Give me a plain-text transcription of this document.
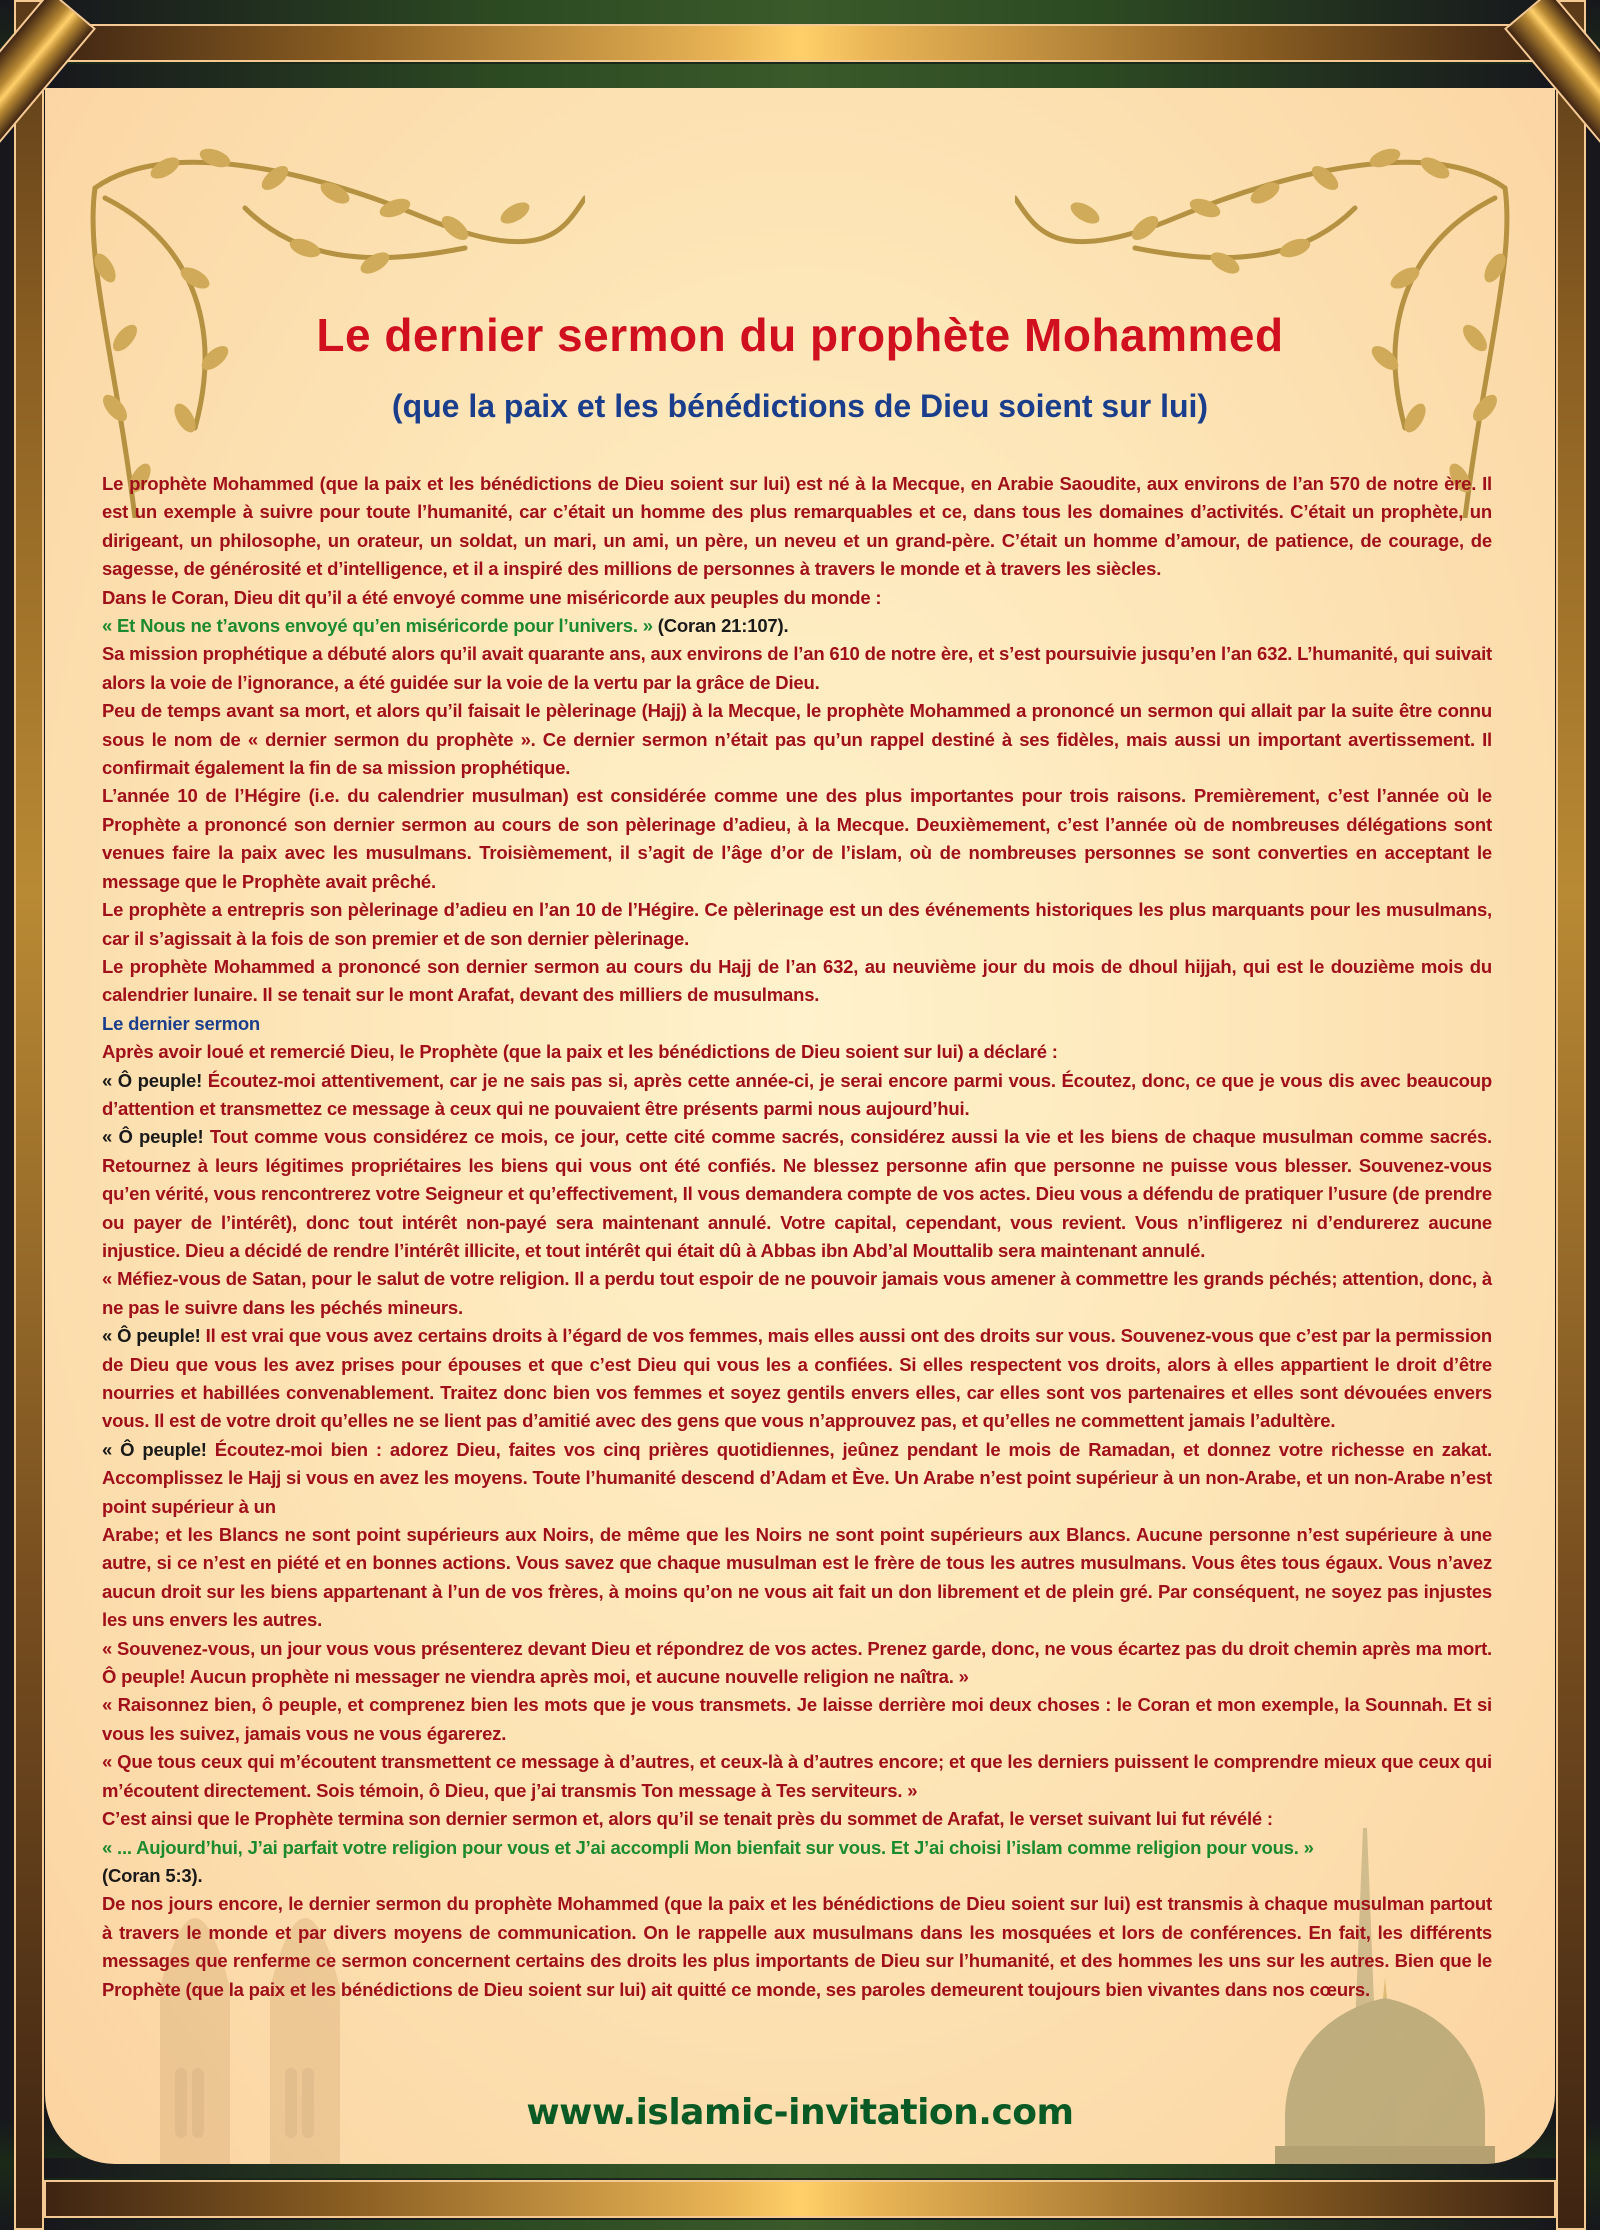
Le dernier sermon du prophète Mohammed
(que la paix et les bénédictions de Dieu soient sur lui)

Le prophète Mohammed (que la paix et les bénédictions de Dieu soient sur lui) est né à la Mecque, en Arabie Saoudite, aux environs de l’an 570 de notre ère. Il est un exemple à suivre pour toute l’humanité, car c’était un homme des plus remarquables et ce, dans tous les domaines d’activités. C’était un prophète, un dirigeant, un philosophe, un orateur, un soldat, un mari, un ami, un père, un neveu et un grand-père. C’était un homme d’amour, de patience, de courage, de sagesse, de générosité et d’intelligence, et il a inspiré des millions de personnes à travers le monde et à travers les siècles.

Dans le Coran, Dieu dit qu’il a été envoyé comme une miséricorde aux peuples du monde :

« Et Nous ne t’avons envoyé qu’en miséricorde pour l’univers. » (Coran 21:107).

Sa mission prophétique a débuté alors qu’il avait quarante ans, aux environs de l’an 610 de notre ère, et s’est poursuivie jusqu’en l’an 632. L’humanité, qui suivait alors la voie de l’ignorance, a été guidée sur la voie de la vertu par la grâce de Dieu.

Peu de temps avant sa mort, et alors qu’il faisait le pèlerinage (Hajj) à la Mecque, le prophète Mohammed a prononcé un sermon qui allait par la suite être connu sous le nom de « dernier sermon du prophète ». Ce dernier sermon n’était pas qu’un rappel destiné à ses fidèles, mais aussi un important avertissement. Il confirmait également la fin de sa mission prophétique.

L’année 10 de l’Hégire (i.e. du calendrier musulman) est considérée comme une des plus importantes pour trois raisons. Premièrement, c’est l’année où le Prophète a prononcé son dernier sermon au cours de son pèlerinage d’adieu, à la Mecque. Deuxièmement, c’est l’année où de nombreuses délégations sont venues faire la paix avec les musulmans. Troisièmement, il s’agit de l’âge d’or de l’islam, où de nombreuses personnes se sont converties en acceptant le message que le Prophète avait prêché.

Le prophète a entrepris son pèlerinage d’adieu en l’an 10 de l’Hégire. Ce pèlerinage est un des événements historiques les plus marquants pour les musulmans, car il s’agissait à la fois de son premier et de son dernier pèlerinage.

Le prophète Mohammed a prononcé son dernier sermon au cours du Hajj de l’an 632, au neuvième jour du mois de dhoul hijjah, qui est le douzième mois du calendrier lunaire. Il se tenait sur le mont Arafat, devant des milliers de musulmans.

Le dernier sermon

Après avoir loué et remercié Dieu, le Prophète (que la paix et les bénédictions de Dieu soient sur lui) a déclaré :

« Ô peuple! Écoutez-moi attentivement, car je ne sais pas si, après cette année-ci, je serai encore parmi vous. Écoutez, donc, ce que je vous dis avec beaucoup d’attention et transmettez ce message à ceux qui ne pouvaient être présents parmi nous aujourd’hui.

« Ô peuple! Tout comme vous considérez ce mois, ce jour, cette cité comme sacrés, considérez aussi la vie et les biens de chaque musulman comme sacrés. Retournez à leurs légitimes propriétaires les biens qui vous ont été confiés. Ne blessez personne afin que personne ne puisse vous blesser. Souvenez-vous qu’en vérité, vous rencontrerez votre Seigneur et qu’effectivement, Il vous demandera compte de vos actes. Dieu vous a défendu de pratiquer l’usure (de prendre ou payer de l’intérêt), donc tout intérêt non-payé sera maintenant annulé. Votre capital, cependant, vous revient. Vous n’infligerez ni d’endurerez aucune injustice. Dieu a décidé de rendre l’intérêt illicite, et tout intérêt qui était dû à Abbas ibn Abd’al Mouttalib sera maintenant annulé.

« Méfiez-vous de Satan, pour le salut de votre religion. Il a perdu tout espoir de ne pouvoir jamais vous amener à commettre les grands péchés; attention, donc, à ne pas le suivre dans les péchés mineurs.

« Ô peuple! Il est vrai que vous avez certains droits à l’égard de vos femmes, mais elles aussi ont des droits sur vous. Souvenez-vous que c’est par la permission de Dieu que vous les avez prises pour épouses et que c’est Dieu qui vous les a confiées. Si elles respectent vos droits, alors à elles appartient le droit d’être nourries et habillées convenablement. Traitez donc bien vos femmes et soyez gentils envers elles, car elles sont vos partenaires et elles sont dévouées envers vous. Il est de votre droit qu’elles ne se lient pas d’amitié avec des gens que vous n’approuvez pas, et qu’elles ne commettent jamais l’adultère.

« Ô peuple! Écoutez-moi bien : adorez Dieu, faites vos cinq prières quotidiennes, jeûnez pendant le mois de Ramadan, et donnez votre richesse en zakat. Accomplissez le Hajj si vous en avez les moyens. Toute l’humanité descend d’Adam et Ève. Un Arabe n’est point supérieur à un non-Arabe, et un non-Arabe n’est point supérieur à un

Arabe; et les Blancs ne sont point supérieurs aux Noirs, de même que les Noirs ne sont point supérieurs aux Blancs. Aucune personne n’est supérieure à une autre, si ce n’est en piété et en bonnes actions. Vous savez que chaque musulman est le frère de tous les autres musulmans. Vous êtes tous égaux. Vous n’avez aucun droit sur les biens appartenant à l’un de vos frères, à moins qu’on ne vous ait fait un don librement et de plein gré. Par conséquent, ne soyez pas injustes les uns envers les autres.

« Souvenez-vous, un jour vous vous présenterez devant Dieu et répondrez de vos actes. Prenez garde, donc, ne vous écartez pas du droit chemin après ma mort. Ô peuple! Aucun prophète ni messager ne viendra après moi, et aucune nouvelle religion ne naîtra. »

« Raisonnez bien, ô peuple, et comprenez bien les mots que je vous transmets. Je laisse derrière moi deux choses : le Coran et mon exemple, la Sounnah. Et si vous les suivez, jamais vous ne vous égarerez.

« Que tous ceux qui m’écoutent transmettent ce message à d’autres, et ceux-là à d’autres encore; et que les derniers puissent le comprendre mieux que ceux qui m’écoutent directement. Sois témoin, ô Dieu, que j’ai transmis Ton message à Tes serviteurs. »

C’est ainsi que le Prophète termina son dernier sermon et, alors qu’il se tenait près du sommet de Arafat, le verset suivant lui fut révélé :

« ... Aujourd’hui, J’ai parfait votre religion pour vous et J’ai accompli Mon bienfait sur vous. Et J’ai choisi l’islam comme religion pour vous. »

(Coran 5:3).

De nos jours encore, le dernier sermon du prophète Mohammed (que la paix et les bénédictions de Dieu soient sur lui) est transmis à chaque musulman partout à travers le monde et par divers moyens de communication. On le rappelle aux musulmans dans les mosquées et lors de conférences. En fait, les différents messages que renferme ce sermon concernent certains des droits les plus importants de Dieu sur l’humanité, et des hommes les uns sur les autres. Bien que le Prophète (que la paix et les bénédictions de Dieu soient sur lui) ait quitté ce monde, ses paroles demeurent toujours bien vivantes dans nos cœurs.

www.islamic-invitation.com
